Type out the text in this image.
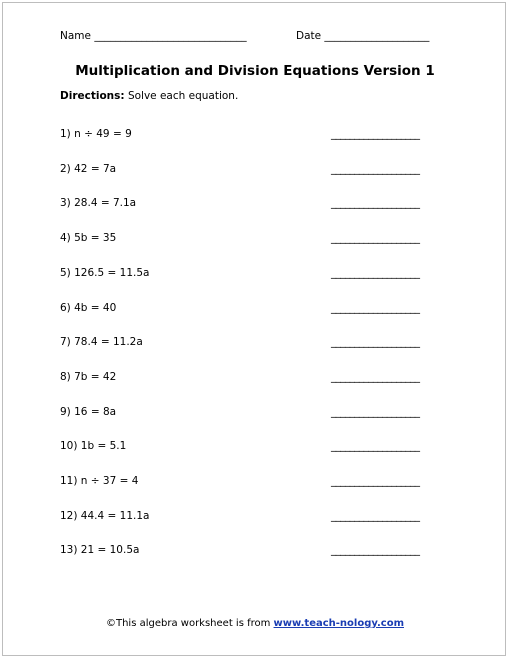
Name _____________________________	Date ____________________
Multiplication and Division Equations Version 1
Directions: Solve each equation.
1) n ÷ 49 = 9	___________________
2) 42 = 7a	___________________
3) 28.4 = 7.1a	___________________
4) 5b = 35	___________________
5) 126.5 = 11.5a	___________________
6) 4b = 40	___________________
7) 78.4 = 11.2a	___________________
8) 7b = 42	___________________
9) 16 = 8a	___________________
10) 1b = 5.1	___________________
11) n ÷ 37 = 4	___________________
12) 44.4 = 11.1a	___________________
13) 21 = 10.5a	___________________
©This algebra worksheet is from www.teach-nology.com
